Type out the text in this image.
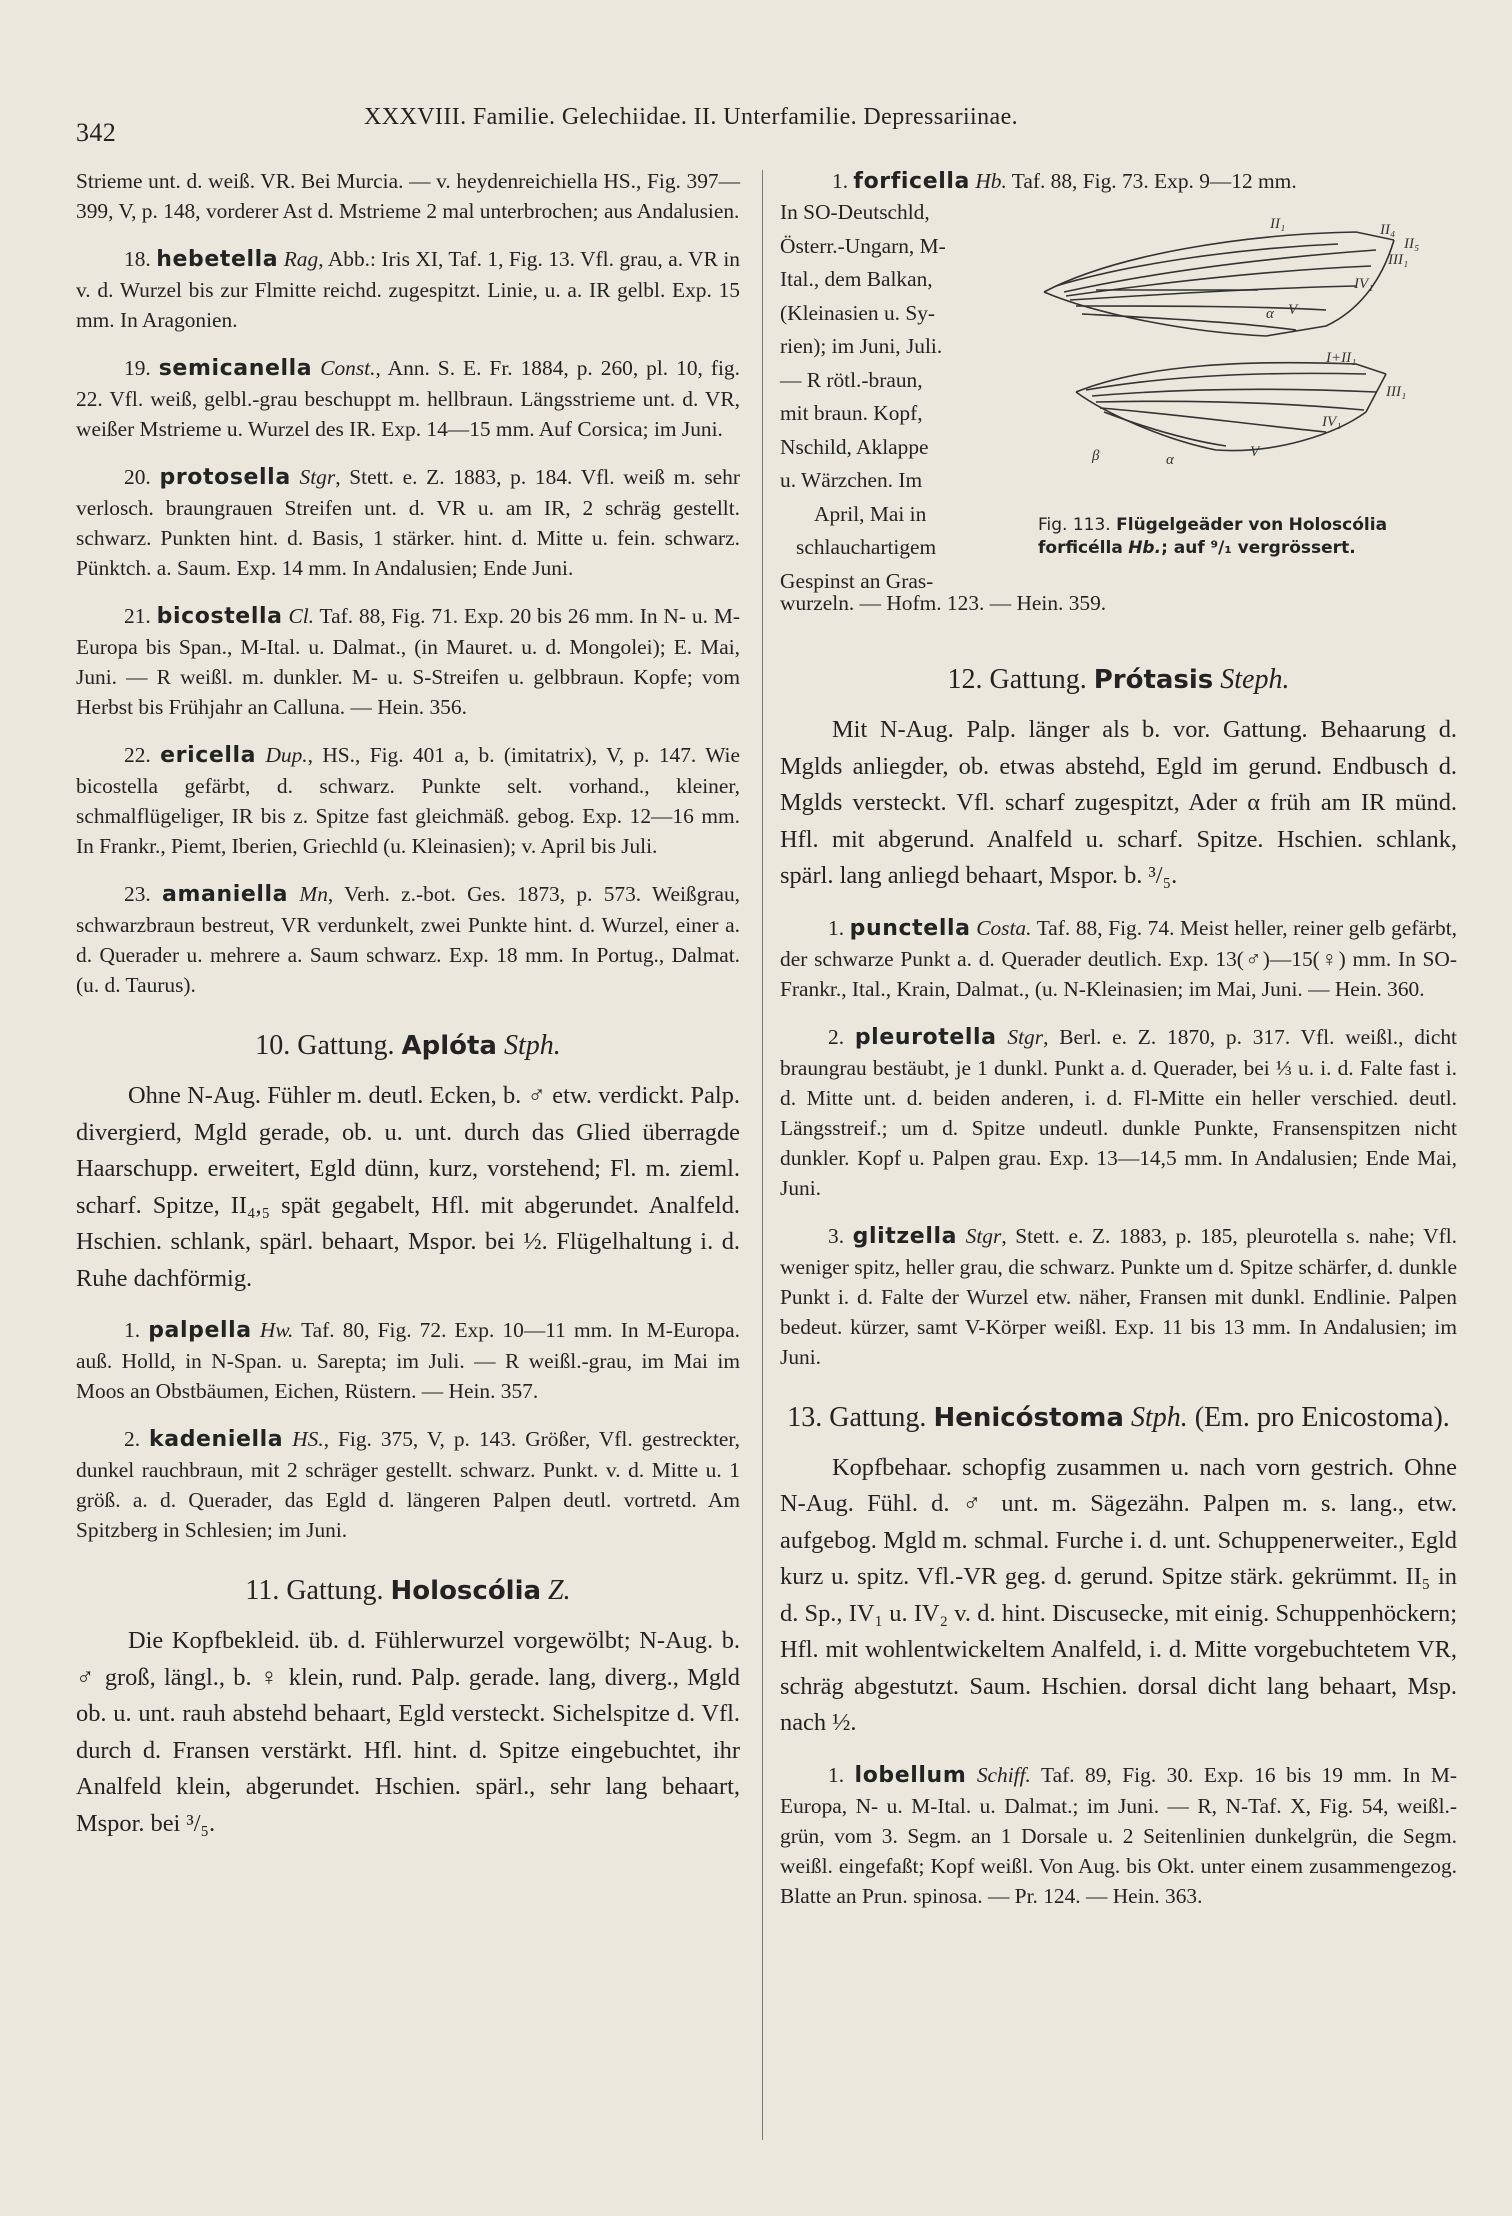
342
XXXVIII. Familie. Gelechiidae. II. Unterfamilie. Depressariinae.

Strieme unt. d. weiß. VR. Bei Murcia. — v. heydenreichiella HS., Fig. 397—399, V, p. 148, vorderer Ast d. Mstrieme 2 mal unterbrochen; aus Andalusien.

18. hebetella Rag, Abb.: Iris XI, Taf. 1, Fig. 13. Vfl. grau, a. VR in v. d. Wurzel bis zur Flmitte reichd. zugespitzt. Linie, u. a. IR gelbl. Exp. 15 mm. In Aragonien.

19. semicanella Const., Ann. S. E. Fr. 1884, p. 260, pl. 10, fig. 22. Vfl. weiß, gelbl.-grau beschuppt m. hellbraun. Längsstrieme unt. d. VR, weißer Mstrieme u. Wurzel des IR. Exp. 14—15 mm. Auf Corsica; im Juni.

20. protosella Stgr, Stett. e. Z. 1883, p. 184. Vfl. weiß m. sehr verlosch. braungrauen Streifen unt. d. VR u. am IR, 2 schräg gestellt. schwarz. Punkten hint. d. Basis, 1 stärker. hint. d. Mitte u. fein. schwarz. Pünktch. a. Saum. Exp. 14 mm. In Andalusien; Ende Juni.

21. bicostella Cl. Taf. 88, Fig. 71. Exp. 20 bis 26 mm. In N- u. M-Europa bis Span., M-Ital. u. Dalmat., (in Mauret. u. d. Mongolei); E. Mai, Juni. — R weißl. m. dunkler. M- u. S-Streifen u. gelbbraun. Kopfe; vom Herbst bis Frühjahr an Calluna. — Hein. 356.

22. ericella Dup., HS., Fig. 401 a, b. (imitatrix), V, p. 147. Wie bicostella gefärbt, d. schwarz. Punkte selt. vorhand., kleiner, schmalflügeliger, IR bis z. Spitze fast gleichmäß. gebog. Exp. 12—16 mm. In Frankr., Piemt, Iberien, Griechld (u. Kleinasien); v. April bis Juli.

23. amaniella Mn, Verh. z.-bot. Ges. 1873, p. 573. Weißgrau, schwarzbraun bestreut, VR verdunkelt, zwei Punkte hint. d. Wurzel, einer a. d. Querader u. mehrere a. Saum schwarz. Exp. 18 mm. In Portug., Dalmat. (u. d. Taurus).

10. Gattung. Aplóta Stph.

Ohne N-Aug. Fühler m. deutl. Ecken, b. ♂ etw. verdickt. Palp. divergierd, Mgld gerade, ob. u. unt. durch das Glied überragde Haarschupp. erweitert, Egld dünn, kurz, vorstehend; Fl. m. zieml. scharf. Spitze, II₄,₅ spät gegabelt, Hfl. mit abgerundet. Analfeld. Hschien. schlank, spärl. behaart, Mspor. bei ½. Flügelhaltung i. d. Ruhe dachförmig.

1. palpella Hw. Taf. 80, Fig. 72. Exp. 10—11 mm. In M-Europa. auß. Holld, in N-Span. u. Sarepta; im Juli. — R weißl.-grau, im Mai im Moos an Obstbäumen, Eichen, Rüstern. — Hein. 357.

2. kadeniella HS., Fig. 375, V, p. 143. Größer, Vfl. gestreckter, dunkel rauchbraun, mit 2 schräger gestellt. schwarz. Punkt. v. d. Mitte u. 1 größ. a. d. Querader, das Egld d. längeren Palpen deutl. vortretd. Am Spitzberg in Schlesien; im Juni.

11. Gattung. Holoscólia Z.

Die Kopfbekleid. üb. d. Fühlerwurzel vorgewölbt; N-Aug. b. ♂ groß, längl., b. ♀ klein, rund. Palp. gerade. lang, diverg., Mgld ob. u. unt. rauh abstehd behaart, Egld versteckt. Sichelspitze d. Vfl. durch d. Fransen verstärkt. Hfl. hint. d. Spitze eingebuchtet, ihr Analfeld klein, abgerundet. Hschien. spärl., sehr lang behaart, Mspor. bei ³/₅.

1. forficella Hb. Taf. 88, Fig. 73. Exp. 9—12 mm.
In SO-Deutschld,
Österr.-Ungarn, M-
Ital., dem Balkan,
(Kleinasien u. Sy-
rien); im Juni, Juli.
— R rötl.-braun,
mit braun. Kopf,
Nschild, Aklappe
u. Wärzchen. Im
April, Mai in
schlauchartigem
Gespinst an Gras-
II₁	II₄
II₅
III₁
IV₁
α V
I+II₁
III₁
IV₁
β	α	V
Fig. 113. Flügelgeäder von Holoscólia forficélla Hb.; auf ⁹/₁ vergrössert.
wurzeln. — Hofm. 123. — Hein. 359.
12. Gattung. Prótasis Steph.

Mit N-Aug. Palp. länger als b. vor. Gattung. Behaarung d. Mglds anliegder, ob. etwas abstehd, Egld im gerund. Endbusch d. Mglds versteckt. Vfl. scharf zugespitzt, Ader α früh am IR münd. Hfl. mit abgerund. Analfeld u. scharf. Spitze. Hschien. schlank, spärl. lang anliegd behaart, Mspor. b. ³/₅.

1. punctella Costa. Taf. 88, Fig. 74. Meist heller, reiner gelb gefärbt, der schwarze Punkt a. d. Querader deutlich. Exp. 13(♂)—15(♀) mm. In SO-Frankr., Ital., Krain, Dalmat., (u. N-Kleinasien; im Mai, Juni. — Hein. 360.

2. pleurotella Stgr, Berl. e. Z. 1870, p. 317. Vfl. weißl., dicht braungrau bestäubt, je 1 dunkl. Punkt a. d. Querader, bei ⅓ u. i. d. Falte fast i. d. Mitte unt. d. beiden anderen, i. d. Fl-Mitte ein heller verschied. deutl. Längsstreif.; um d. Spitze undeutl. dunkle Punkte, Fransenspitzen nicht dunkler. Kopf u. Palpen grau. Exp. 13—14,5 mm. In Andalusien; Ende Mai, Juni.

3. glitzella Stgr, Stett. e. Z. 1883, p. 185, pleurotella s. nahe; Vfl. weniger spitz, heller grau, die schwarz. Punkte um d. Spitze schärfer, d. dunkle Punkt i. d. Falte der Wurzel etw. näher, Fransen mit dunkl. Endlinie. Palpen bedeut. kürzer, samt V-Körper weißl. Exp. 11 bis 13 mm. In Andalusien; im Juni.

13. Gattung. Henicóstoma Stph. (Em. pro Enicostoma).

Kopfbehaar. schopfig zusammen u. nach vorn gestrich. Ohne N-Aug. Fühl. d. ♂ unt. m. Sägezähn. Palpen m. s. lang., etw. aufgebog. Mgld m. schmal. Furche i. d. unt. Schuppenerweiter., Egld kurz u. spitz. Vfl.-VR geg. d. gerund. Spitze stärk. gekrümmt. II₅ in d. Sp., IV₁ u. IV₂ v. d. hint. Discusecke, mit einig. Schuppenhöckern; Hfl. mit wohlentwickeltem Analfeld, i. d. Mitte vorgebuchtetem VR, schräg abgestutzt. Saum. Hschien. dorsal dicht lang behaart, Msp. nach ½.

1. lobellum Schiff. Taf. 89, Fig. 30. Exp. 16 bis 19 mm. In M-Europa, N- u. M-Ital. u. Dalmat.; im Juni. — R, N-Taf. X, Fig. 54, weißl.-grün, vom 3. Segm. an 1 Dorsale u. 2 Seitenlinien dunkelgrün, die Segm. weißl. eingefaßt; Kopf weißl. Von Aug. bis Okt. unter einem zusammengezog. Blatte an Prun. spinosa. — Pr. 124. — Hein. 363.
